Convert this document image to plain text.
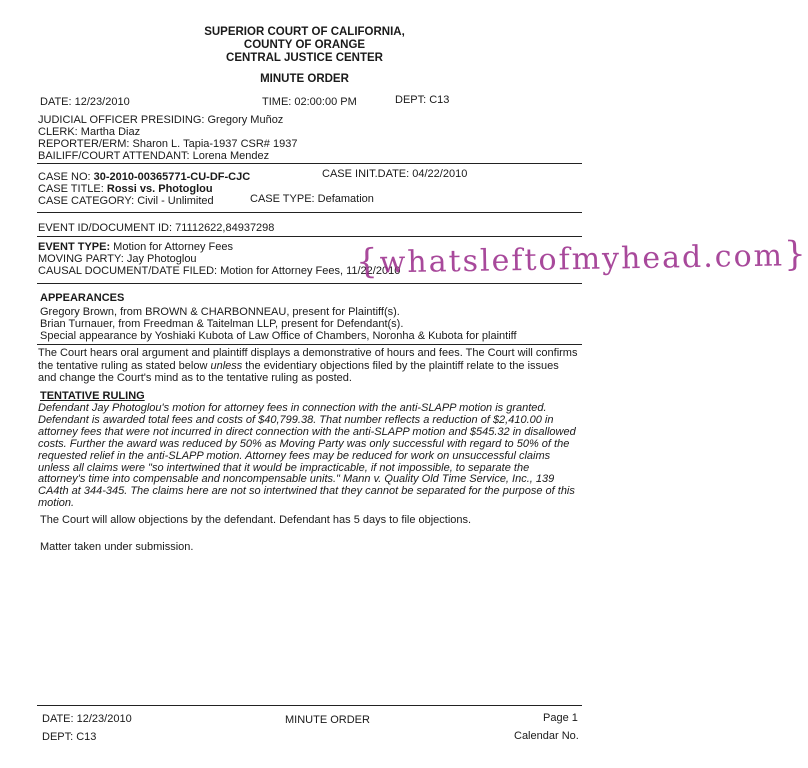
SUPERIOR COURT OF CALIFORNIA,
COUNTY OF ORANGE
CENTRAL JUSTICE CENTER
MINUTE ORDER
DATE: 12/23/2010	TIME: 02:00:00 PM	DEPT: C13
JUDICIAL OFFICER PRESIDING: Gregory Muñoz
CLERK: Martha Diaz
REPORTER/ERM: Sharon L. Tapia-1937 CSR# 1937
BAILIFF/COURT ATTENDANT: Lorena Mendez
CASE NO: 30-2010-00365771-CU-DF-CJC	CASE INIT.DATE: 04/22/2010
CASE TITLE: Rossi vs. Photoglou
CASE CATEGORY: Civil - Unlimited	CASE TYPE: Defamation
EVENT ID/DOCUMENT ID: 71112622,84937298
EVENT TYPE: Motion for Attorney Fees
MOVING PARTY: Jay Photoglou
CAUSAL DOCUMENT/DATE FILED: Motion for Attorney Fees, 11/22/2010
{whatsleftofmyhead.com}
APPEARANCES
Gregory Brown, from BROWN & CHARBONNEAU, present for Plaintiff(s).
Brian Turnauer, from Freedman & Taitelman LLP, present for Defendant(s).
Special appearance by Yoshiaki Kubota of Law Office of Chambers, Noronha & Kubota for plaintiff
The Court hears oral argument and plaintiff displays a demonstrative of hours and fees. The Court will confirms the tentative ruling as stated below unless the evidentiary objections filed by the plaintiff relate to the issues and change the Court's mind as to the tentative ruling as posted.
TENTATIVE RULING
Defendant Jay Photoglou's motion for attorney fees in connection with the anti-SLAPP motion is granted. Defendant is awarded total fees and costs of $40,799.38. That number reflects a reduction of $2,410.00 in attorney fees that were not incurred in direct connection with the anti-SLAPP motion and $545.32 in disallowed costs. Further the award was reduced by 50% as Moving Party was only successful with regard to 50% of the requested relief in the anti-SLAPP motion. Attorney fees may be reduced for work on unsuccessful claims unless all claims were "so intertwined that it would be impracticable, if not impossible, to separate the attorney's time into compensable and noncompensable units." Mann v. Quality Old Time Service, Inc., 139 CA4th at 344-345. The claims here are not so intertwined that they cannot be separated for the purpose of this motion.
The Court will allow objections by the defendant. Defendant has 5 days to file objections.
Matter taken under submission.
DATE: 12/23/2010
DEPT: C13
MINUTE ORDER	Page 1
Calendar No.
